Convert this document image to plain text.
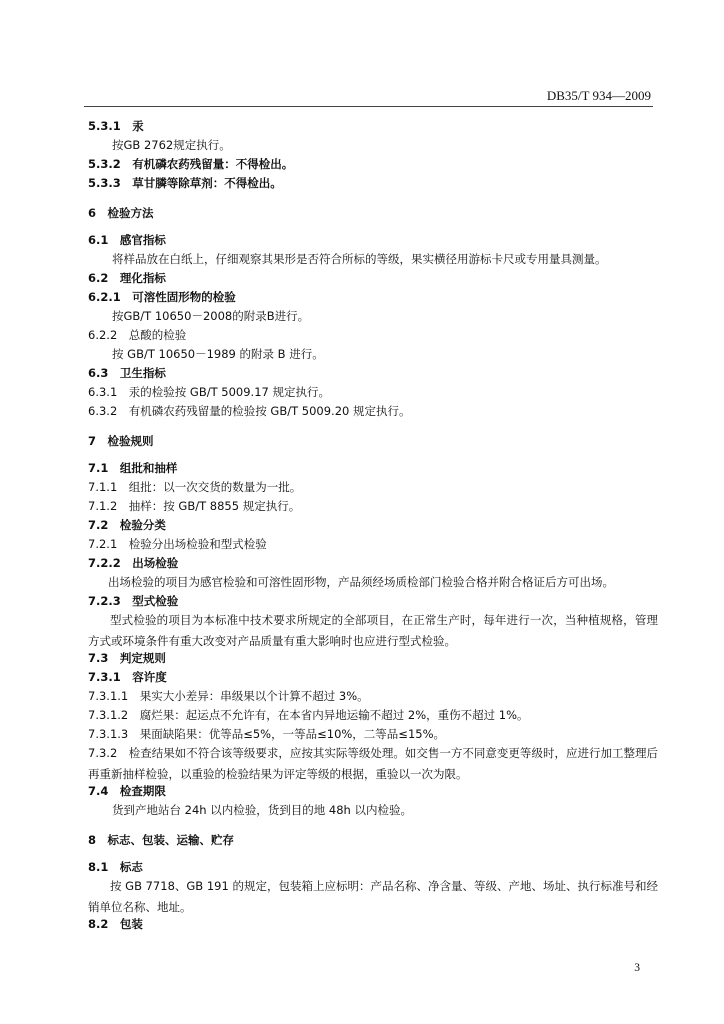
DB35/T 934—2009
5.3.1　汞
按GB 2762规定执行。
5.3.2　有机磷农药残留量：不得检出。
5.3.3　草甘膦等除草剂：不得检出。
6　检验方法
6.1　感官指标
将样品放在白纸上，仔细观察其果形是否符合所标的等级，果实横径用游标卡尺或专用量具测量。
6.2　理化指标
6.2.1　可溶性固形物的检验
按GB/T 10650－2008的附录B进行。
6.2.2　总酸的检验
按 GB/T 10650－1989 的附录 B 进行。
6.3　卫生指标
6.3.1　汞的检验按 GB/T 5009.17 规定执行。
6.3.2　有机磷农药残留量的检验按 GB/T 5009.20 规定执行。
7　检验规则
7.1　组批和抽样
7.1.1　组批：以一次交货的数量为一批。
7.1.2　抽样：按 GB/T 8855 规定执行。
7.2　检验分类
7.2.1　检验分出场检验和型式检验
7.2.2　出场检验
出场检验的项目为感官检验和可溶性固形物，产品须经场质检部门检验合格并附合格证后方可出场。
7.2.3　型式检验
型式检验的项目为本标准中技术要求所规定的全部项目，在正常生产时，每年进行一次，当种植规格，管理方式或环境条件有重大改变对产品质量有重大影响时也应进行型式检验。
7.3　判定规则
7.3.1　容许度
7.3.1.1　果实大小差异：串级果以个计算不超过 3%。
7.3.1.2　腐烂果：起运点不允许有，在本省内异地运输不超过 2%，重伤不超过 1%。
7.3.1.3　果面缺陷果：优等品≤5%，一等品≤10%，二等品≤15%。
7.3.2　检查结果如不符合该等级要求，应按其实际等级处理。如交售一方不同意变更等级时，应进行加工整理后再重新抽样检验，以重验的检验结果为评定等级的根据，重验以一次为限。
7.4　检查期限
货到产地站台 24h 以内检验，货到目的地 48h 以内检验。
8　标志、包装、运输、贮存
8.1　标志
按 GB 7718、GB 191 的规定，包装箱上应标明：产品名称、净含量、等级、产地、场址、执行标准号和经销单位名称、地址。
8.2　包装
3
